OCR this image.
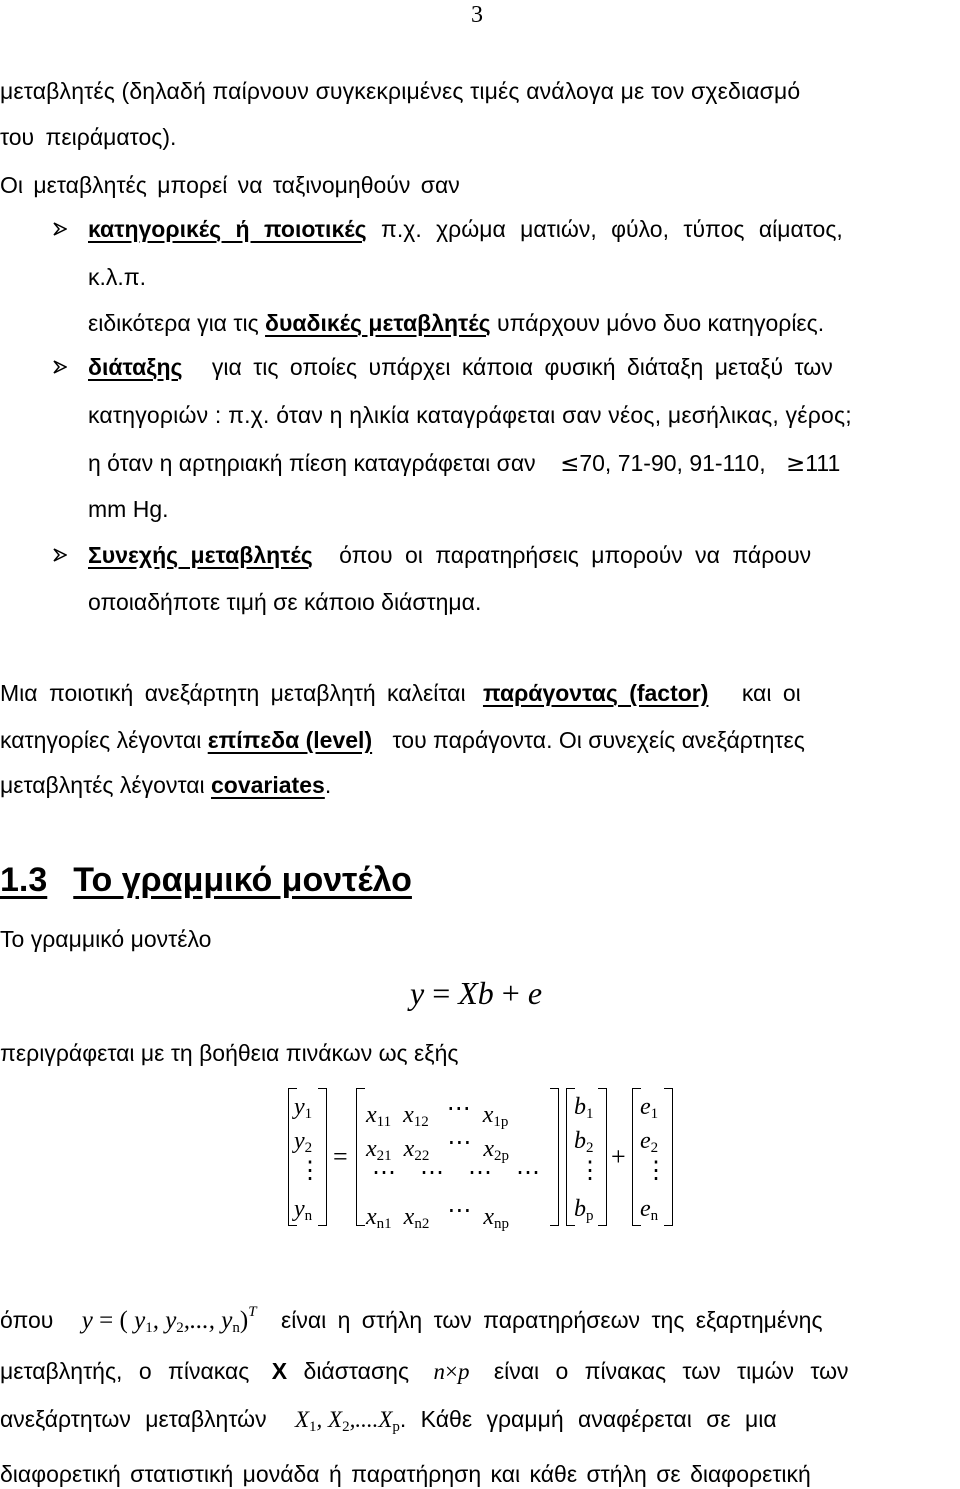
3
μεταβλητές (δηλαδή παίρνουν συγκεκριμένες τιμές ανάλογα με τον σχεδιασμό
του πειράματος).
Οι μεταβλητές μπορεί να ταξινομηθούν σαν
κατηγορικές ή ποιοτικές π.χ. χρώμα ματιών, φύλο, τύπος αίματος,
κ.λ.π.
ειδικότερα για τις δυαδικές μεταβλητές υπάρχουν μόνο δυο κατηγορίες.
διάταξης για τις οποίες υπάρχει κάποια φυσική διάταξη μεταξύ των
κατηγοριών : π.χ. όταν η ηλικία καταγράφεται σαν νέος, μεσήλικας, γέρος;
η όταν η αρτηριακή πίεση καταγράφεται σαν ≤70, 71-90, 91-110, ≥111
mm Hg.
Συνεχής μεταβλητές όπου οι παρατηρήσεις μπορούν να πάρουν
οποιαδήποτε τιμή σε κάποιο διάστημα.
Μια ποιοτική ανεξάρτητη μεταβλητή καλείται παράγοντας (factor) και οι
κατηγορίες λέγονται επίπεδα (level) του παράγοντα. Οι συνεχείς ανεξάρτητες
μεταβλητές λέγονται covariates.
1.3 Το γραμμικό μοντέλο
Το γραμμικό μοντέλο
y = Xb + e
περιγράφεται με τη βοήθεια πινάκων ως εξής
$y_1$
$y_2$
⋮
$y_n$
=
$x_{11}$  $x_{12}$ ⋯  $x_{1p}$
$x_{21}$  $x_{22}$ ⋯  $x_{2p}$
⋯    ⋯    ⋯    ⋯
$x_{n1}$  $x_{n2}$ ⋯  $x_{np}$
$b_1$
$b_2$
⋮
$b_p$
+
$e_1$
$e_2$
⋮
$e_n$
όπου y = ( $y_1$, $y_2$,..., $y_n)^T$ είναι η στήλη των παρατηρήσεων της εξαρτημένης
μεταβλητής, ο πίνακας X διάστασης n×p είναι ο πίνακας των τιμών των
ανεξάρτητων μεταβλητών $X_1$, $X_2,....X_p$. Κάθε γραμμή αναφέρεται σε μια
διαφορετική στατιστική μονάδα ή παρατήρηση και κάθε στήλη σε διαφορετική
